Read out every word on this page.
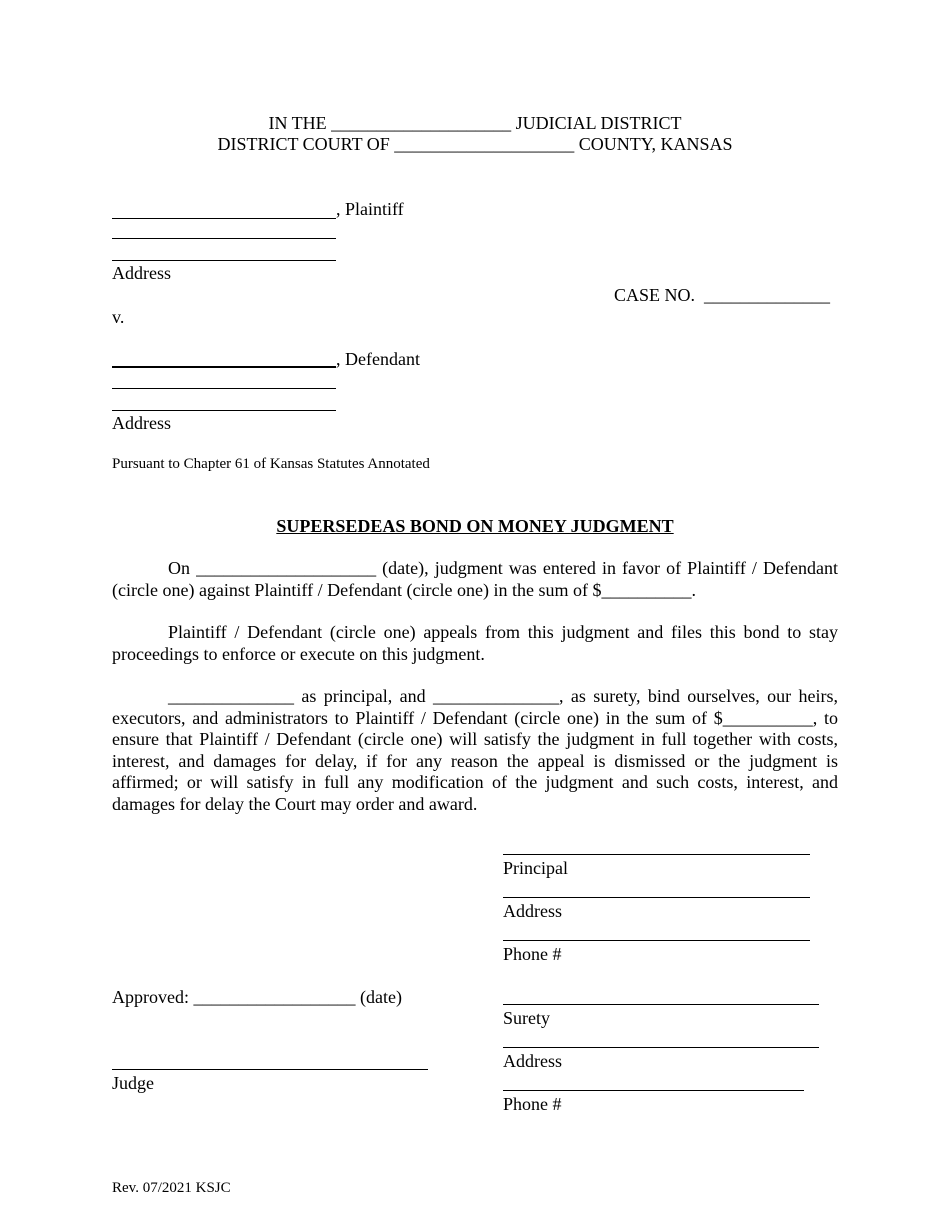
IN THE ____________________ JUDICIAL DISTRICT
DISTRICT COURT OF ____________________ COUNTY, KANSAS
, Plaintiff
Address
CASE NO.  ______________
v.
, Defendant
Address
Pursuant to Chapter 61 of Kansas Statutes Annotated
SUPERSEDEAS BOND ON MONEY JUDGMENT
On ____________________ (date), judgment was entered in favor of Plaintiff / Defendant (circle one) against Plaintiff / Defendant (circle one) in the sum of $__________.
Plaintiff / Defendant (circle one) appeals from this judgment and files this bond to stay proceedings to enforce or execute on this judgment.
______________ as principal, and ______________, as surety, bind ourselves, our heirs, executors, and administrators to Plaintiff / Defendant (circle one) in the sum of $__________, to ensure that Plaintiff / Defendant (circle one) will satisfy the judgment in full together with costs, interest, and damages for delay, if for any reason the appeal is dismissed or the judgment is affirmed; or will satisfy in full any modification of the judgment and such costs, interest, and damages for delay the Court may order and award.
Principal
Address
Phone #
Approved: __________________ (date)
Surety
Address
Phone #
Judge
Rev. 07/2021 KSJC
